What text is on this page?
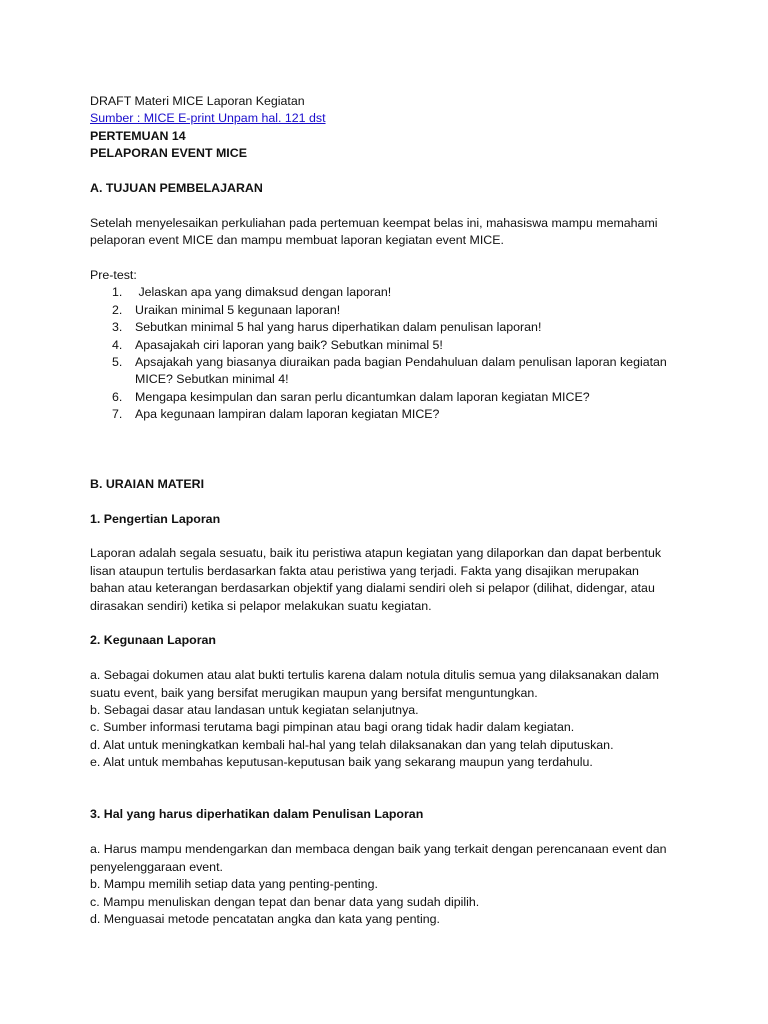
DRAFT Materi MICE Laporan Kegiatan

Sumber : MICE E-print Unpam hal. 121 dst

PERTEMUAN 14

PELAPORAN EVENT MICE

A. TUJUAN PEMBELAJARAN

Setelah menyelesaikan perkuliahan pada pertemuan keempat belas ini, mahasiswa mampu memahami

pelaporan event MICE dan mampu membuat laporan kegiatan event MICE.

Pre-test:

1. Jelaskan apa yang dimaksud dengan laporan!
2. Uraikan minimal 5 kegunaan laporan!
3. Sebutkan minimal 5 hal yang harus diperhatikan dalam penulisan laporan!
4. Apasajakah ciri laporan yang baik? Sebutkan minimal 5!
5. Apsajakah yang biasanya diuraikan pada bagian Pendahuluan dalam penulisan laporan kegiatan
MICE? Sebutkan minimal 4!
6. Mengapa kesimpulan dan saran perlu dicantumkan dalam laporan kegiatan MICE?
7. Apa kegunaan lampiran dalam laporan kegiatan MICE?

B. URAIAN MATERI

1. Pengertian Laporan

Laporan adalah segala sesuatu, baik itu peristiwa atapun kegiatan yang dilaporkan dan dapat berbentuk

lisan ataupun tertulis berdasarkan fakta atau peristiwa yang terjadi. Fakta yang disajikan merupakan

bahan atau keterangan berdasarkan objektif yang dialami sendiri oleh si pelapor (dilihat, didengar, atau

dirasakan sendiri) ketika si pelapor melakukan suatu kegiatan.

2. Kegunaan Laporan

a. Sebagai dokumen atau alat bukti tertulis karena dalam notula ditulis semua yang dilaksanakan dalam

suatu event, baik yang bersifat merugikan maupun yang bersifat menguntungkan.

b. Sebagai dasar atau landasan untuk kegiatan selanjutnya.

c. Sumber informasi terutama bagi pimpinan atau bagi orang tidak hadir dalam kegiatan.

d. Alat untuk meningkatkan kembali hal-hal yang telah dilaksanakan dan yang telah diputuskan.

e. Alat untuk membahas keputusan-keputusan baik yang sekarang maupun yang terdahulu.

3. Hal yang harus diperhatikan dalam Penulisan Laporan

a. Harus mampu mendengarkan dan membaca dengan baik yang terkait dengan perencanaan event dan

penyelenggaraan event.

b. Mampu memilih setiap data yang penting-penting.

c. Mampu menuliskan dengan tepat dan benar data yang sudah dipilih.

d. Menguasai metode pencatatan angka dan kata yang penting.
